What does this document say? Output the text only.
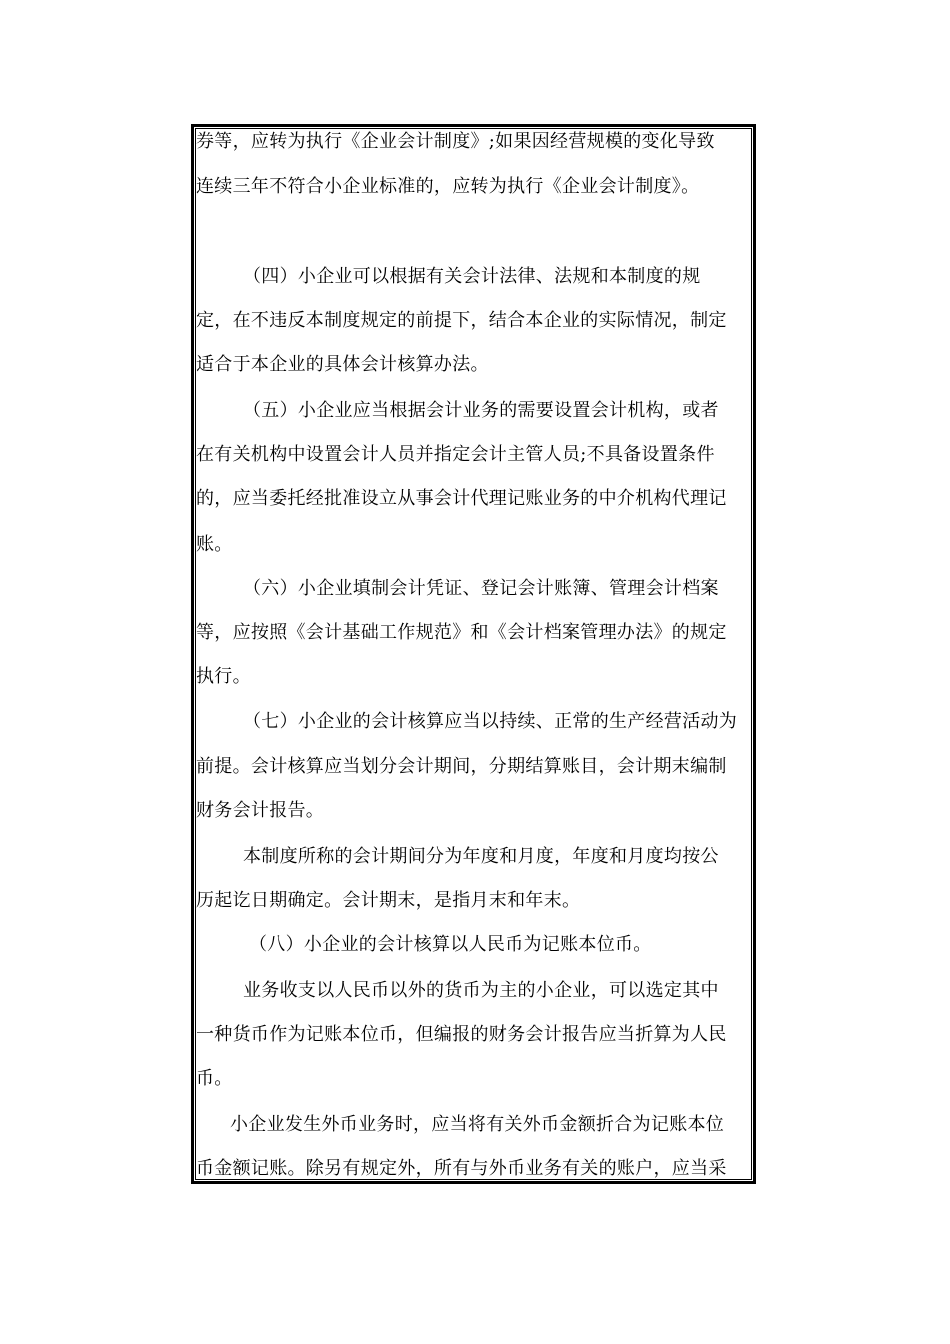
券等，应转为执行《企业会计制度》;如果因经营规模的变化导致
连续三年不符合小企业标准的，应转为执行《企业会计制度》。
（四）小企业可以根据有关会计法律、法规和本制度的规
定，在不违反本制度规定的前提下，结合本企业的实际情况，制定
适合于本企业的具体会计核算办法。
（五）小企业应当根据会计业务的需要设置会计机构，或者
在有关机构中设置会计人员并指定会计主管人员;不具备设置条件
的，应当委托经批准设立从事会计代理记账业务的中介机构代理记
账。
（六）小企业填制会计凭证、登记会计账簿、管理会计档案
等，应按照《会计基础工作规范》和《会计档案管理办法》的规定
执行。
（七）小企业的会计核算应当以持续、正常的生产经营活动为
前提。会计核算应当划分会计期间，分期结算账目，会计期末编制
财务会计报告。
本制度所称的会计期间分为年度和月度，年度和月度均按公
历起讫日期确定。会计期末，是指月末和年末。
（八）小企业的会计核算以人民币为记账本位币。
业务收支以人民币以外的货币为主的小企业，可以选定其中
一种货币作为记账本位币，但编报的财务会计报告应当折算为人民
币。
小企业发生外币业务时，应当将有关外币金额折合为记账本位
币金额记账。除另有规定外，所有与外币业务有关的账户，应当采
